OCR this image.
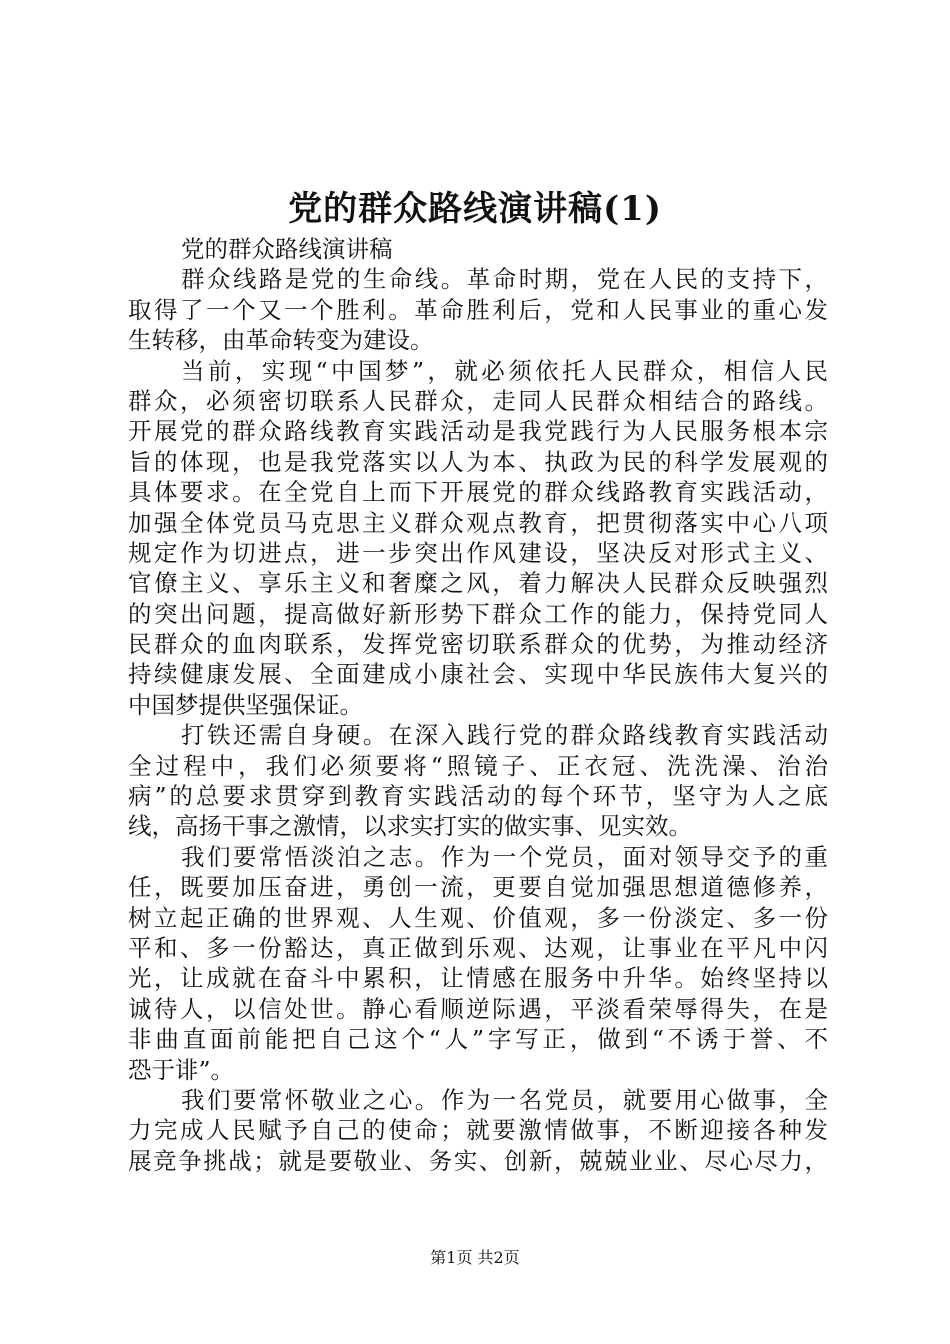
党的群众路线演讲稿(1)
党的群众路线演讲稿
群众线路是党的生命线。革命时期，党在人民的支持下，
取得了一个又一个胜利。革命胜利后，党和人民事业的重心发
生转移，由革命转变为建设。
当前，实现“中国梦”，就必须依托人民群众，相信人民
群众，必须密切联系人民群众，走同人民群众相结合的路线。
开展党的群众路线教育实践活动是我党践行为人民服务根本宗
旨的体现，也是我党落实以人为本、执政为民的科学发展观的
具体要求。在全党自上而下开展党的群众线路教育实践活动，
加强全体党员马克思主义群众观点教育，把贯彻落实中心八项
规定作为切进点，进一步突出作风建设，坚决反对形式主义、
官僚主义、享乐主义和奢糜之风，着力解决人民群众反映强烈
的突出问题，提高做好新形势下群众工作的能力，保持党同人
民群众的血肉联系，发挥党密切联系群众的优势，为推动经济
持续健康发展、全面建成小康社会、实现中华民族伟大复兴的
中国梦提供坚强保证。
打铁还需自身硬。在深入践行党的群众路线教育实践活动
全过程中，我们必须要将“照镜子、正衣冠、洗洗澡、治治
病”的总要求贯穿到教育实践活动的每个环节，坚守为人之底
线，高扬干事之激情，以求实打实的做实事、见实效。
我们要常悟淡泊之志。作为一个党员，面对领导交予的重
任，既要加压奋进，勇创一流，更要自觉加强思想道德修养，
树立起正确的世界观、人生观、价值观，多一份淡定、多一份
平和、多一份豁达，真正做到乐观、达观，让事业在平凡中闪
光，让成就在奋斗中累积，让情感在服务中升华。始终坚持以
诚待人，以信处世。静心看顺逆际遇，平淡看荣辱得失，在是
非曲直面前能把自己这个“人”字写正，做到“不诱于誉、不
恐于诽”。
我们要常怀敬业之心。作为一名党员，就要用心做事，全
力完成人民赋予自己的使命；就要激情做事，不断迎接各种发
展竞争挑战；就是要敬业、务实、创新，兢兢业业、尽心尽力，
第1页 共2页
